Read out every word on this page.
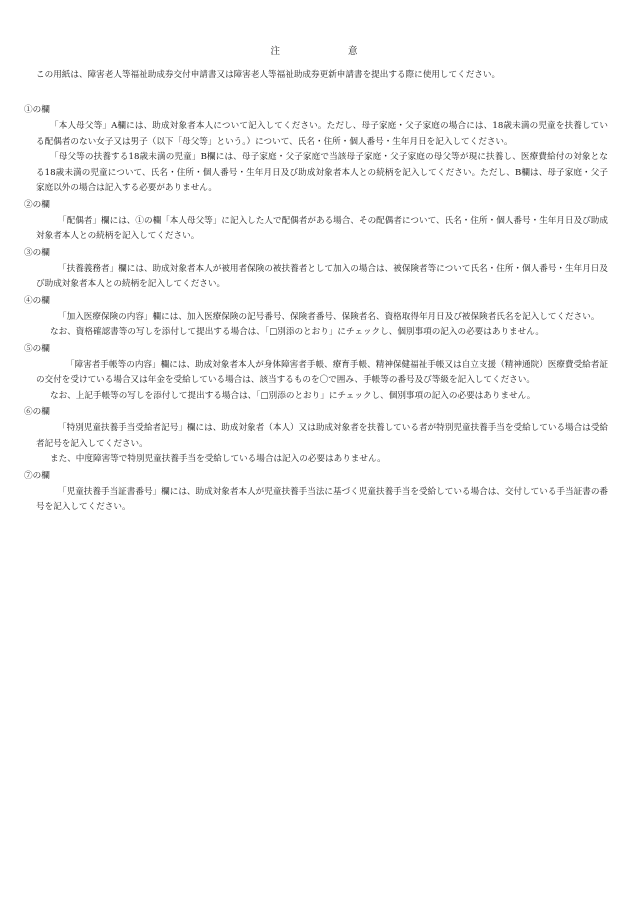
注	意
この用紙は、障害老人等福祉助成券交付申請書又は障害老人等福祉助成券更新申請書を提出する際に使用してください。
①の欄
「本人母父等」A欄には、助成対象者本人について記入してください。ただし、母子家庭・父子家庭の場合には、18歳未満の児童を扶養している配偶者のない女子又は男子（以下「母父等」という。）について、氏名・住所・個人番号・生年月日を記入してください。
「母父等の扶養する18歳未満の児童」B欄には、母子家庭・父子家庭で当該母子家庭・父子家庭の母父等が現に扶養し、医療費給付の対象となる18歳未満の児童について、氏名・住所・個人番号・生年月日及び助成対象者本人との続柄を記入してください。ただし、B欄は、母子家庭・父子家庭以外の場合は記入する必要がありません。
②の欄
「配偶者」欄には、①の欄「本人母父等」に記入した人で配偶者がある場合、その配偶者について、氏名・住所・個人番号・生年月日及び助成対象者本人との続柄を記入してください。
③の欄
「扶養義務者」欄には、助成対象者本人が被用者保険の被扶養者として加入の場合は、被保険者等について氏名・住所・個人番号・生年月日及び助成対象者本人との続柄を記入してください。
④の欄
「加入医療保険の内容」欄には、加入医療保険の記号番号、保険者番号、保険者名、資格取得年月日及び被保険者氏名を記入してください。
なお、資格確認書等の写しを添付して提出する場合は、「□別添のとおり」にチェックし、個別事項の記入の必要はありません。
⑤の欄
「障害者手帳等の内容」欄には、助成対象者本人が身体障害者手帳、療育手帳、精神保健福祉手帳又は自立支援（精神通院）医療費受給者証の交付を受けている場合又は年金を受給している場合は、該当するものを〇で囲み、手帳等の番号及び等級を記入してください。
なお、上記手帳等の写しを添付して提出する場合は、「□別添のとおり」にチェックし、個別事項の記入の必要はありません。
⑥の欄
「特別児童扶養手当受給者記号」欄には、助成対象者（本人）又は助成対象者を扶養している者が特別児童扶養手当を受給している場合は受給者記号を記入してください。
また、中度障害等で特別児童扶養手当を受給している場合は記入の必要はありません。
⑦の欄
「児童扶養手当証書番号」欄には、助成対象者本人が児童扶養手当法に基づく児童扶養手当を受給している場合は、交付している手当証書の番号を記入してください。
